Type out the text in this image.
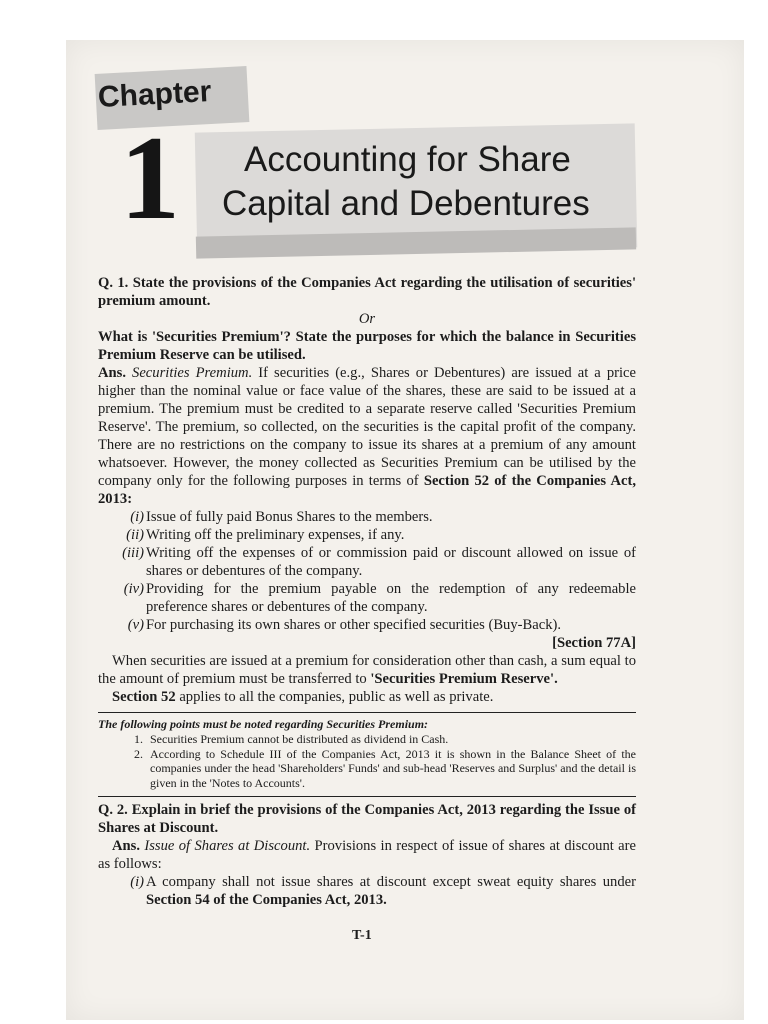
Chapter
1 Accounting for Share
Capital and Debentures

Q. 1. State the provisions of the Companies Act regarding the utilisation of securities' premium amount.

Or

What is 'Securities Premium'? State the purposes for which the balance in Securities Premium Reserve can be utilised.

Ans. Securities Premium. If securities (e.g., Shares or Debentures) are issued at a price higher than the nominal value or face value of the shares, these are said to be issued at a premium. The premium must be credited to a separate reserve called 'Securities Premium Reserve'. The premium, so collected, on the securities is the capital profit of the company. There are no restrictions on the company to issue its shares at a premium of any amount whatsoever. However, the money collected as Securities Premium can be utilised by the company only for the following purposes in terms of Section 52 of the Companies Act, 2013:

(i) Issue of fully paid Bonus Shares to the members.
(ii) Writing off the preliminary expenses, if any.
(iii) Writing off the expenses of or commission paid or discount allowed on issue of shares or debentures of the company.
(iv) Providing for the premium payable on the redemption of any redeemable preference shares or debentures of the company.
(v) For purchasing its own shares or other specified securities (Buy-Back).

[Section 77A]

When securities are issued at a premium for consideration other than cash, a sum equal to the amount of premium must be transferred to 'Securities Premium Reserve'.

Section 52 applies to all the companies, public as well as private.

The following points must be noted regarding Securities Premium:

1. Securities Premium cannot be distributed as dividend in Cash.
2. According to Schedule III of the Companies Act, 2013 it is shown in the Balance Sheet of the companies under the head 'Shareholders' Funds' and sub-head 'Reserves and Surplus' and the detail is given in the 'Notes to Accounts'.

Q. 2. Explain in brief the provisions of the Companies Act, 2013 regarding the Issue of Shares at Discount.

Ans. Issue of Shares at Discount. Provisions in respect of issue of shares at discount are as follows:

(i) A company shall not issue shares at discount except sweat equity shares under Section 54 of the Companies Act, 2013.
T-1
